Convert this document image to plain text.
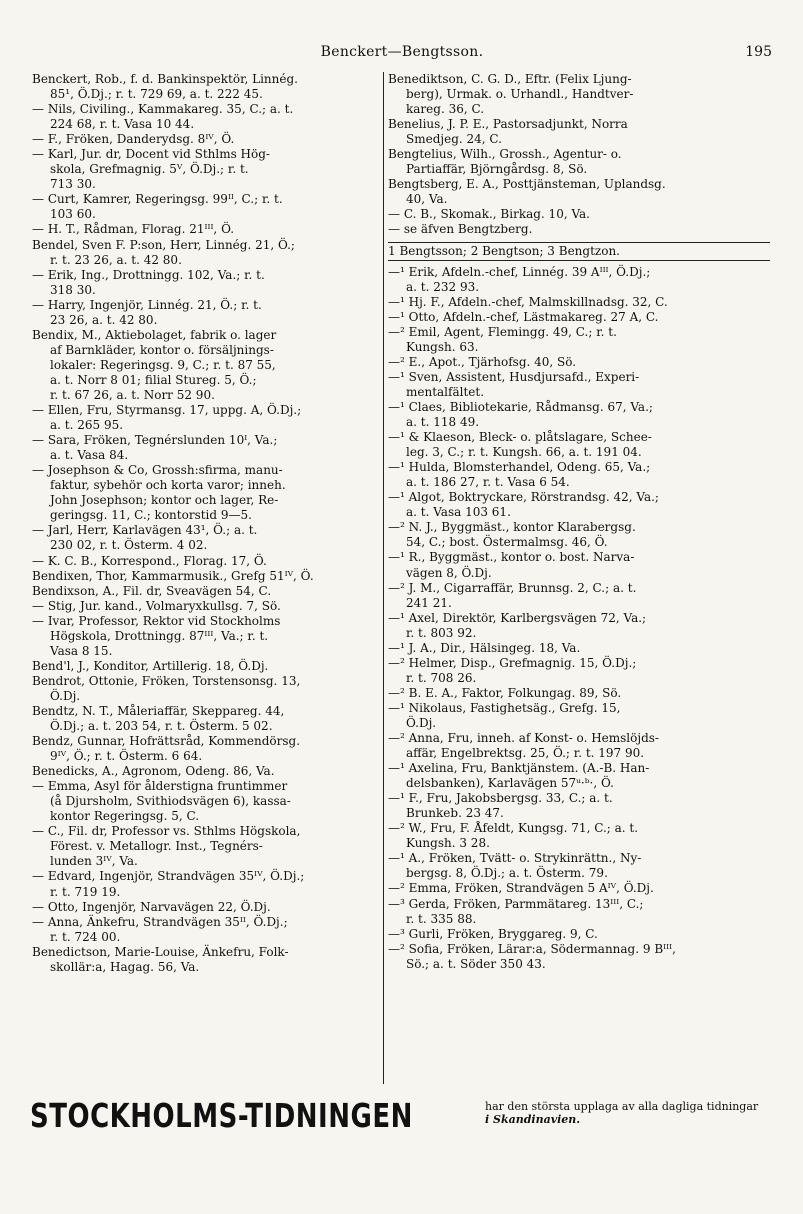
Benckert—Bengtsson.	195
Benckert, Rob., f. d. Bankinspektör, Linnég.
85¹, Ö.Dj.; r. t. 729 69, a. t. 222 45.
— Nils, Civiling., Kammakareg. 35, C.; a. t.
224 68, r. t. Vasa 10 44.
— F., Fröken, Danderydsg. 8ᴵⱽ, Ö.
— Karl, Jur. dr, Docent vid Sthlms Hög-
skola, Grefmagnig. 5ⱽ, Ö.Dj.; r. t.
713 30.
— Curt, Kamrer, Regeringsg. 99ᴵᴵ, C.; r. t.
103 60.
— H. T., Rådman, Florag. 21ᴵᴵᴵ, Ö.
Bendel, Sven F. P:son, Herr, Linnég. 21, Ö.;
r. t. 23 26, a. t. 42 80.
— Erik, Ing., Drottningg. 102, Va.; r. t.
318 30.
— Harry, Ingenjör, Linnég. 21, Ö.; r. t.
23 26, a. t. 42 80.
Bendix, M., Aktiebolaget, fabrik o. lager
af Barnkläder, kontor o. försäljnings-
lokaler: Regeringsg. 9, C.; r. t. 87 55,
a. t. Norr 8 01; filial Stureg. 5, Ö.;
r. t. 67 26, a. t. Norr 52 90.
— Ellen, Fru, Styrmansg. 17, uppg. A, Ö.Dj.;
a. t. 265 95.
— Sara, Fröken, Tegnérslunden 10ᴵ, Va.;
a. t. Vasa 84.
— Josephson & Co, Grossh:sfirma, manu-
faktur, sybehör och korta varor; inneh.
John Josephson; kontor och lager, Re-
geringsg. 11, C.; kontorstid 9—5.
— Jarl, Herr, Karlavägen 43¹, Ö.; a. t.
230 02, r. t. Österm. 4 02.
— K. C. B., Korrespond., Florag. 17, Ö.
Bendixen, Thor, Kammarmusik., Grefg 51ᴵⱽ, Ö.
Bendixson, A., Fil. dr, Sveavägen 54, C.
— Stig, Jur. kand., Volmaryxkullsg. 7, Sö.
— Ivar, Professor, Rektor vid Stockholms
Högskola, Drottningg. 87ᴵᴵᴵ, Va.; r. t.
Vasa 8 15.
Bend'l, J., Konditor, Artillerig. 18, Ö.Dj.
Bendrot, Ottonie, Fröken, Torstensonsg. 13,
Ö.Dj.
Bendtz, N. T., Måleriaffär, Skeppareg. 44,
Ö.Dj.; a. t. 203 54, r. t. Österm. 5 02.
Bendz, Gunnar, Hofrättsråd, Kommendörsg.
9ᴵⱽ, Ö.; r. t. Österm. 6 64.
Benedicks, A., Agronom, Odeng. 86, Va.
— Emma, Asyl för ålderstigna fruntimmer
(å Djursholm, Svithiodsvägen 6), kassa-
kontor Regeringsg. 5, C.
— C., Fil. dr, Professor vs. Sthlms Högskola,
Förest. v. Metallogr. Inst., Tegnérs-
lunden 3ᴵⱽ, Va.
— Edvard, Ingenjör, Strandvägen 35ᴵⱽ, Ö.Dj.;
r. t. 719 19.
— Otto, Ingenjör, Narvavägen 22, Ö.Dj.
— Anna, Änkefru, Strandvägen 35ᴵᴵ, Ö.Dj.;
r. t. 724 00.
Benedictson, Marie-Louise, Änkefru, Folk-
skollär:a, Hagag. 56, Va.
Benediktson, C. G. D., Eftr. (Felix Ljung-
berg), Urmak. o. Urhandl., Handtver-
kareg. 36, C.
Benelius, J. P. E., Pastorsadjunkt, Norra
Smedjeg. 24, C.
Bengtelius, Wilh., Grossh., Agentur- o.
Partiaffär, Björngårdsg. 8, Sö.
Bengtsberg, E. A., Posttjänsteman, Uplandsg.
40, Va.
— C. B., Skomak., Birkag. 10, Va.
— se äfven Bengtzberg.
1 Bengtsson; 2 Bengtson; 3 Bengtzon.
—¹ Erik, Afdeln.-chef, Linnég. 39 Aᴵᴵᴵ, Ö.Dj.;
a. t. 232 93.
—¹ Hj. F., Afdeln.-chef, Malmskillnadsg. 32, C.
—¹ Otto, Afdeln.-chef, Lästmakareg. 27 A, C.
—² Emil, Agent, Flemingg. 49, C.; r. t.
Kungsh. 63.
—² E., Apot., Tjärhofsg. 40, Sö.
—¹ Sven, Assistent, Husdjursafd., Experi-
mentalfältet.
—¹ Claes, Bibliotekarie, Rådmansg. 67, Va.;
a. t. 118 49.
—¹ & Klaeson, Bleck- o. plåtslagare, Schee-
leg. 3, C.; r. t. Kungsh. 66, a. t. 191 04.
—¹ Hulda, Blomsterhandel, Odeng. 65, Va.;
a. t. 186 27, r. t. Vasa 6 54.
—¹ Algot, Boktryckare, Rörstrandsg. 42, Va.;
a. t. Vasa 103 61.
—² N. J., Byggmäst., kontor Klarabergsg.
54, C.; bost. Östermalmsg. 46, Ö.
—¹ R., Byggmäst., kontor o. bost. Narva-
vägen 8, Ö.Dj.
—² J. M., Cigarraffär, Brunnsg. 2, C.; a. t.
241 21.
—¹ Axel, Direktör, Karlbergsvägen 72, Va.;
r. t. 803 92.
—¹ J. A., Dir., Hälsingeg. 18, Va.
—² Helmer, Disp., Grefmagnig. 15, Ö.Dj.;
r. t. 708 26.
—² B. E. A., Faktor, Folkungag. 89, Sö.
—¹ Nikolaus, Fastighetsäg., Grefg. 15,
Ö.Dj.
—² Anna, Fru, inneh. af Konst- o. Hemslöjds-
affär, Engelbrektsg. 25, Ö.; r. t. 197 90.
—¹ Axelina, Fru, Banktjänstem. (A.-B. Han-
delsbanken), Karlavägen 57ᵘ·ᵇ·, Ö.
—¹ F., Fru, Jakobsbergsg. 33, C.; a. t.
Brunkeb. 23 47.
—² W., Fru, F. Åfeldt, Kungsg. 71, C.; a. t.
Kungsh. 3 28.
—¹ A., Fröken, Tvätt- o. Strykinrättn., Ny-
bergsg. 8, Ö.Dj.; a. t. Österm. 79.
—² Emma, Fröken, Strandvägen 5 Aᴵⱽ, Ö.Dj.
—³ Gerda, Fröken, Parmmätareg. 13ᴵᴵᴵ, C.;
r. t. 335 88.
—³ Gurli, Fröken, Bryggareg. 9, C.
—² Sofia, Fröken, Lärar:a, Södermannag. 9 Bᴵᴵᴵ,
Sö.; a. t. Söder 350 43.
STOCKHOLMS-TIDNINGEN	har den största upplaga av alla dagliga tidningar
i Skandinavien.
